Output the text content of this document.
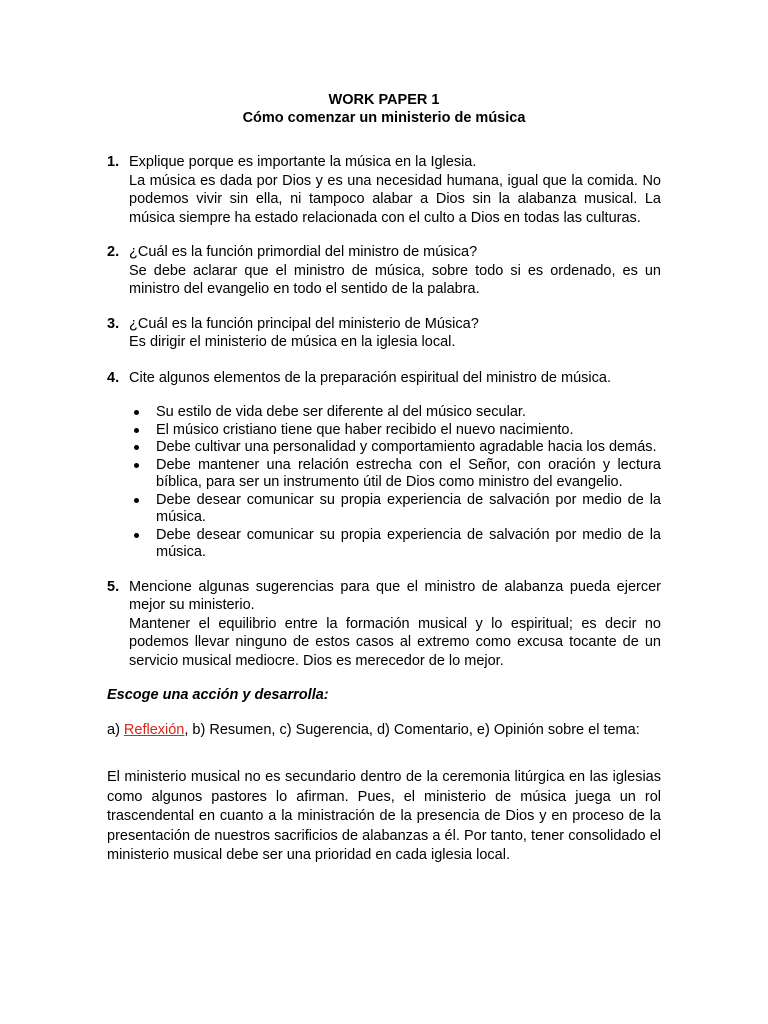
WORK PAPER 1
Cómo comenzar un ministerio de música
1. Explique porque es importante la música en la Iglesia.

La música es dada por Dios y es una necesidad humana, igual que la comida. No podemos vivir sin ella, ni tampoco alabar a Dios sin la alabanza musical. La música siempre ha estado relacionada con el culto a Dios en todas las culturas.

2. ¿Cuál es la función primordial del ministro de música?

Se debe aclarar que el ministro de música, sobre todo si es ordenado, es un ministro del evangelio en todo el sentido de la palabra.

3. ¿Cuál es la función principal del ministerio de Música?

Es dirigir el ministerio de música en la iglesia local.

4. Cite algunos elementos de la preparación espiritual del ministro de música.

Su estilo de vida debe ser diferente al del músico secular.
El músico cristiano tiene que haber recibido el nuevo nacimiento.
Debe cultivar una personalidad y comportamiento agradable hacia los demás.
Debe mantener una relación estrecha con el Señor, con oración y lectura bíblica, para ser un instrumento útil de Dios como ministro del evangelio.
Debe desear comunicar su propia experiencia de salvación por medio de la música.
Debe desear comunicar su propia experiencia de salvación por medio de la música.
5. Mencione algunas sugerencias para que el ministro de alabanza pueda ejercer mejor su ministerio.

Mantener el equilibrio entre la formación musical y lo espiritual; es decir no podemos llevar ninguno de estos casos al extremo como excusa tocante de un servicio musical mediocre. Dios es merecedor de lo mejor.

Escoge una acción y desarrolla:
a) Reflexión, b) Resumen, c) Sugerencia, d) Comentario, e) Opinión sobre el tema:
El ministerio musical no es secundario dentro de la ceremonia litúrgica en las iglesias como algunos pastores lo afirman. Pues, el ministerio de música juega un rol trascendental en cuanto a la ministración de la presencia de Dios y en proceso de la presentación de nuestros sacrificios de alabanzas a él. Por tanto, tener consolidado el ministerio musical debe ser una prioridad en cada iglesia local.
